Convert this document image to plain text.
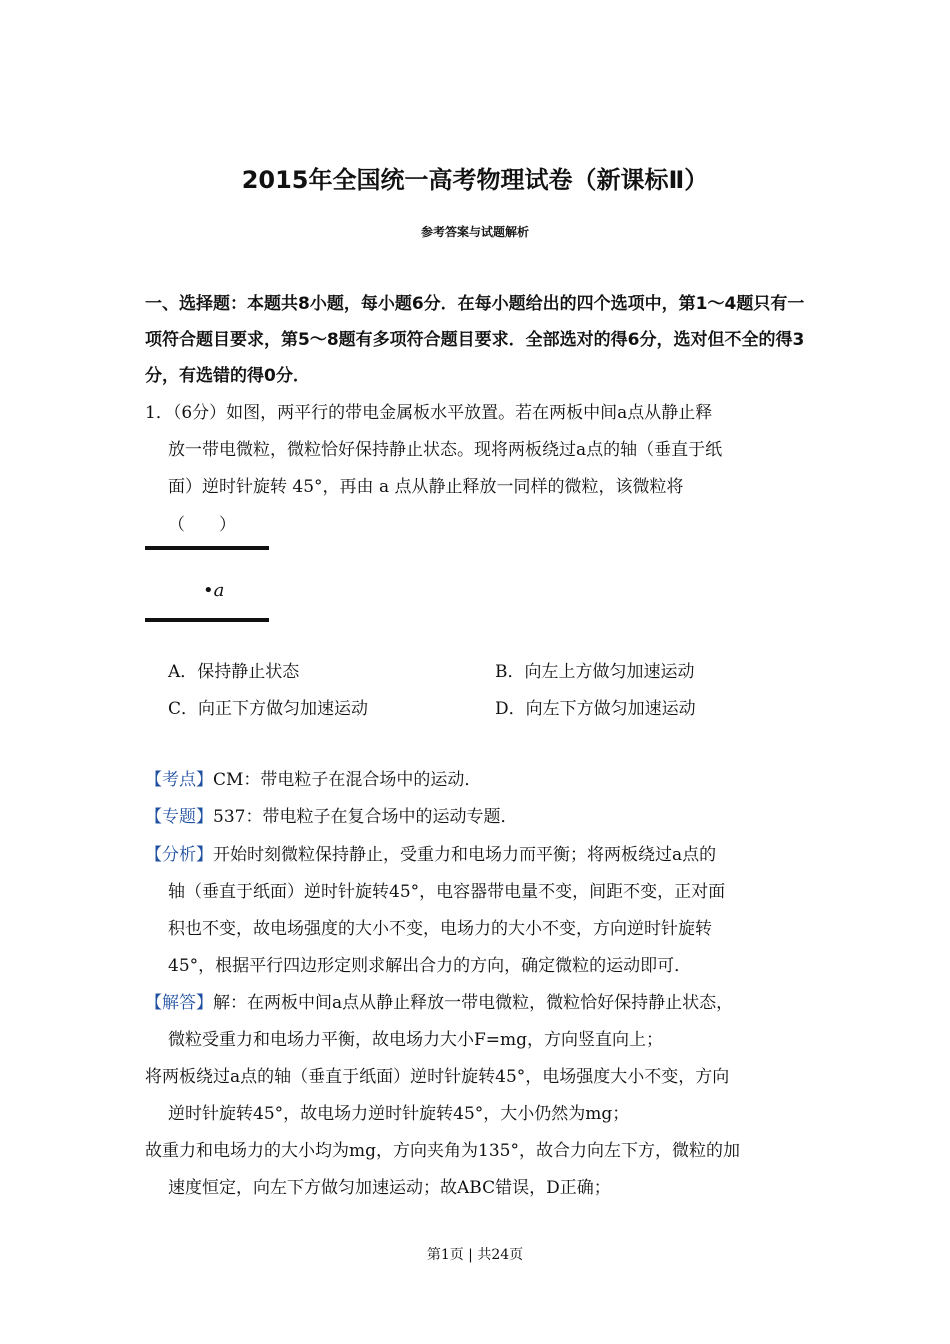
2015年全国统一高考物理试卷（新课标Ⅱ）
参考答案与试题解析
一、选择题：本题共8小题，每小题6分．在每小题给出的四个选项中，第1～4题只有一项符合题目要求，第5～8题有多项符合题目要求．全部选对的得6分，选对但不全的得3分，有选错的得0分．
1．（6分）如图，两平行的带电金属板水平放置。若在两板中间a点从静止释
放一带电微粒，微粒恰好保持静止状态。现将两板绕过a点的轴（垂直于纸
面）逆时针旋转 45°，再由 a 点从静止释放一同样的微粒，该微粒将
（　　）
•a
A．保持静止状态	B．向左上方做匀加速运动
C．向正下方做匀加速运动	D．向左下方做匀加速运动
【考点】CM：带电粒子在混合场中的运动．
【专题】537：带电粒子在复合场中的运动专题．
【分析】开始时刻微粒保持静止，受重力和电场力而平衡；将两板绕过a点的
轴（垂直于纸面）逆时针旋转45°，电容器带电量不变，间距不变，正对面
积也不变，故电场强度的大小不变，电场力的大小不变，方向逆时针旋转
45°，根据平行四边形定则求解出合力的方向，确定微粒的运动即可．
【解答】解：在两板中间a点从静止释放一带电微粒，微粒恰好保持静止状态，
微粒受重力和电场力平衡，故电场力大小F=mg，方向竖直向上；
将两板绕过a点的轴（垂直于纸面）逆时针旋转45°，电场强度大小不变，方向
逆时针旋转45°，故电场力逆时针旋转45°，大小仍然为mg；
故重力和电场力的大小均为mg，方向夹角为135°，故合力向左下方，微粒的加
速度恒定，向左下方做匀加速运动；故ABC错误，D正确；
第1页 | 共24页
